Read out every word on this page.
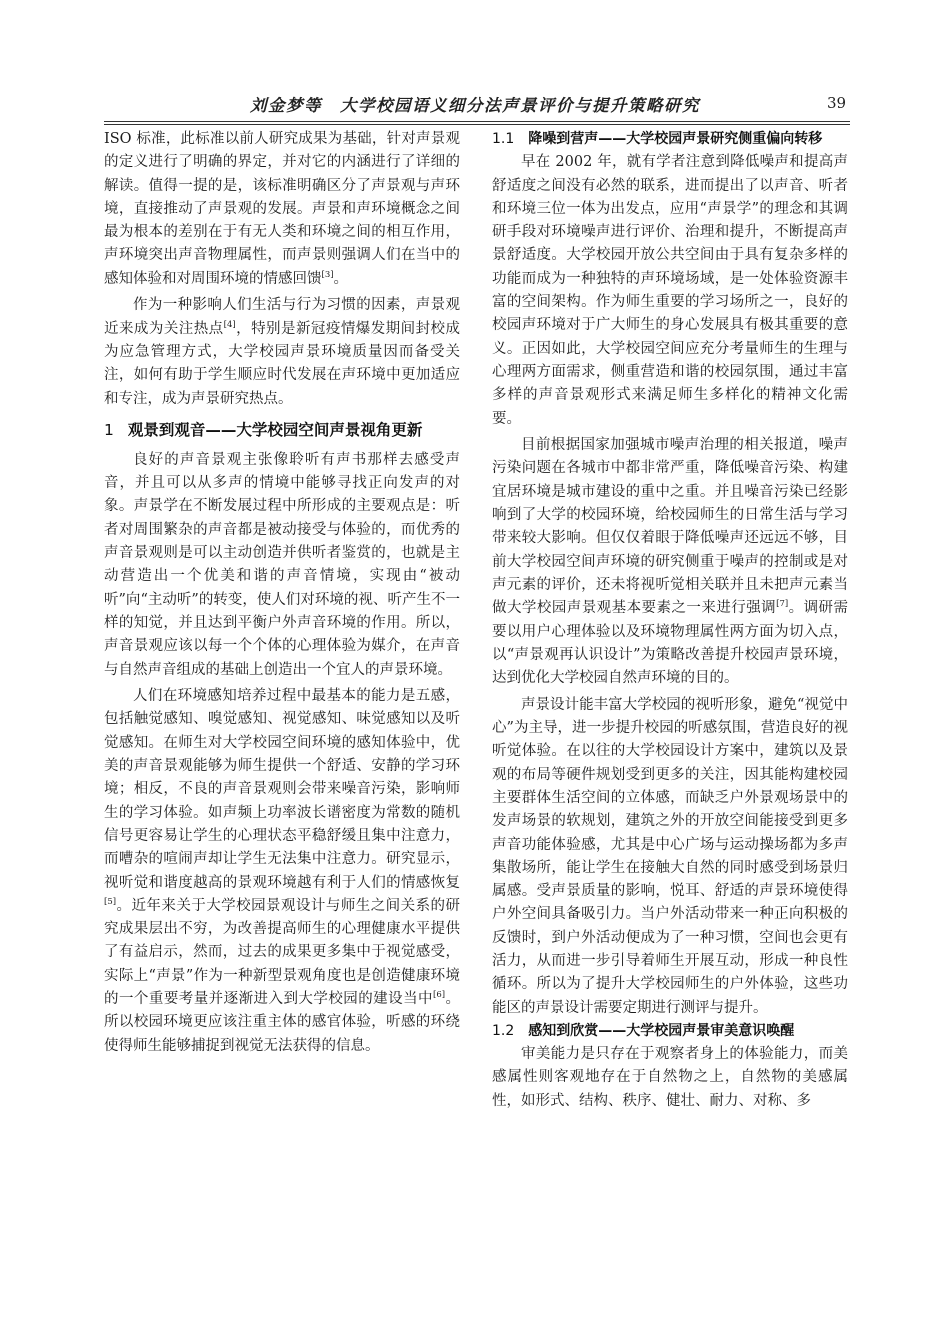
刘金梦等　大学校园语义细分法声景评价与提升策略研究	39

ISO 标准，此标准以前人研究成果为基础，针对声景观的定义进行了明确的界定，并对它的内涵进行了详细的解读。值得一提的是，该标准明确区分了声景观与声环境，直接推动了声景观的发展。声景和声环境概念之间最为根本的差别在于有无人类和环境之间的相互作用，声环境突出声音物理属性，而声景则强调人们在当中的感知体验和对周围环境的情感回馈[3]。

作为一种影响人们生活与行为习惯的因素，声景观近来成为关注热点[4]，特别是新冠疫情爆发期间封校成为应急管理方式，大学校园声景环境质量因而备受关注，如何有助于学生顺应时代发展在声环境中更加适应和专注，成为声景研究热点。

1 观景到观音——大学校园空间声景视角更新

良好的声音景观主张像聆听有声书那样去感受声音，并且可以从多声的情境中能够寻找正向发声的对象。声景学在不断发展过程中所形成的主要观点是：听者对周围繁杂的声音都是被动接受与体验的，而优秀的声音景观则是可以主动创造并供听者鉴赏的，也就是主动营造出一个优美和谐的声音情境，实现由“被动听”向“主动听”的转变，使人们对环境的视、听产生不一样的知觉，并且达到平衡户外声音环境的作用。所以，声音景观应该以每一个个体的心理体验为媒介，在声音与自然声音组成的基础上创造出一个宜人的声景环境。

人们在环境感知培养过程中最基本的能力是五感，包括触觉感知、嗅觉感知、视觉感知、味觉感知以及听觉感知。在师生对大学校园空间环境的感知体验中，优美的声音景观能够为师生提供一个舒适、安静的学习环境；相反，不良的声音景观则会带来噪音污染，影响师生的学习体验。如声频上功率波长谱密度为常数的随机信号更容易让学生的心理状态平稳舒缓且集中注意力，而嘈杂的喧闹声却让学生无法集中注意力。研究显示，视听觉和谐度越高的景观环境越有利于人们的情感恢复[5]。近年来关于大学校园景观设计与师生之间关系的研究成果层出不穷，为改善提高师生的心理健康水平提供了有益启示，然而，过去的成果更多集中于视觉感受，实际上“声景”作为一种新型景观角度也是创造健康环境的一个重要考量并逐渐进入到大学校园的建设当中[6]。所以校园环境更应该注重主体的感官体验，听感的环绕使得师生能够捕捉到视觉无法获得的信息。

1.1 降噪到营声——大学校园声景研究侧重偏向转移

早在 2002 年，就有学者注意到降低噪声和提高声舒适度之间没有必然的联系，进而提出了以声音、听者和环境三位一体为出发点，应用“声景学”的理念和其调研手段对环境噪声进行评价、治理和提升，不断提高声景舒适度。大学校园开放公共空间由于具有复杂多样的功能而成为一种独特的声环境场域，是一处体验资源丰富的空间架构。作为师生重要的学习场所之一，良好的校园声环境对于广大师生的身心发展具有极其重要的意义。正因如此，大学校园空间应充分考量师生的生理与心理两方面需求，侧重营造和谐的校园氛围，通过丰富多样的声音景观形式来满足师生多样化的精神文化需要。

目前根据国家加强城市噪声治理的相关报道，噪声污染问题在各城市中都非常严重，降低噪音污染、构建宜居环境是城市建设的重中之重。并且噪音污染已经影响到了大学的校园环境，给校园师生的日常生活与学习带来较大影响。但仅仅着眼于降低噪声还远远不够，目前大学校园空间声环境的研究侧重于噪声的控制或是对声元素的评价，还未将视听觉相关联并且未把声元素当做大学校园声景观基本要素之一来进行强调[7]。调研需要以用户心理体验以及环境物理属性两方面为切入点，以“声景观再认识设计”为策略改善提升校园声景环境，达到优化大学校园自然声环境的目的。

声景设计能丰富大学校园的视听形象，避免“视觉中心”为主导，进一步提升校园的听感氛围，营造良好的视听觉体验。在以往的大学校园设计方案中，建筑以及景观的布局等硬件规划受到更多的关注，因其能构建校园主要群体生活空间的立体感，而缺乏户外景观场景中的发声场景的软规划，建筑之外的开放空间能接受到更多声音功能体验感，尤其是中心广场与运动操场都为多声集散场所，能让学生在接触大自然的同时感受到场景归属感。受声景质量的影响，悦耳、舒适的声景环境使得户外空间具备吸引力。当户外活动带来一种正向积极的反馈时，到户外活动便成为了一种习惯，空间也会更有活力，从而进一步引导着师生开展互动，形成一种良性循环。所以为了提升大学校园师生的户外体验，这些功能区的声景设计需要定期进行测评与提升。

1.2 感知到欣赏——大学校园声景审美意识唤醒

审美能力是只存在于观察者身上的体验能力，而美感属性则客观地存在于自然物之上，自然物的美感属性，如形式、结构、秩序、健壮、耐力、对称、多
